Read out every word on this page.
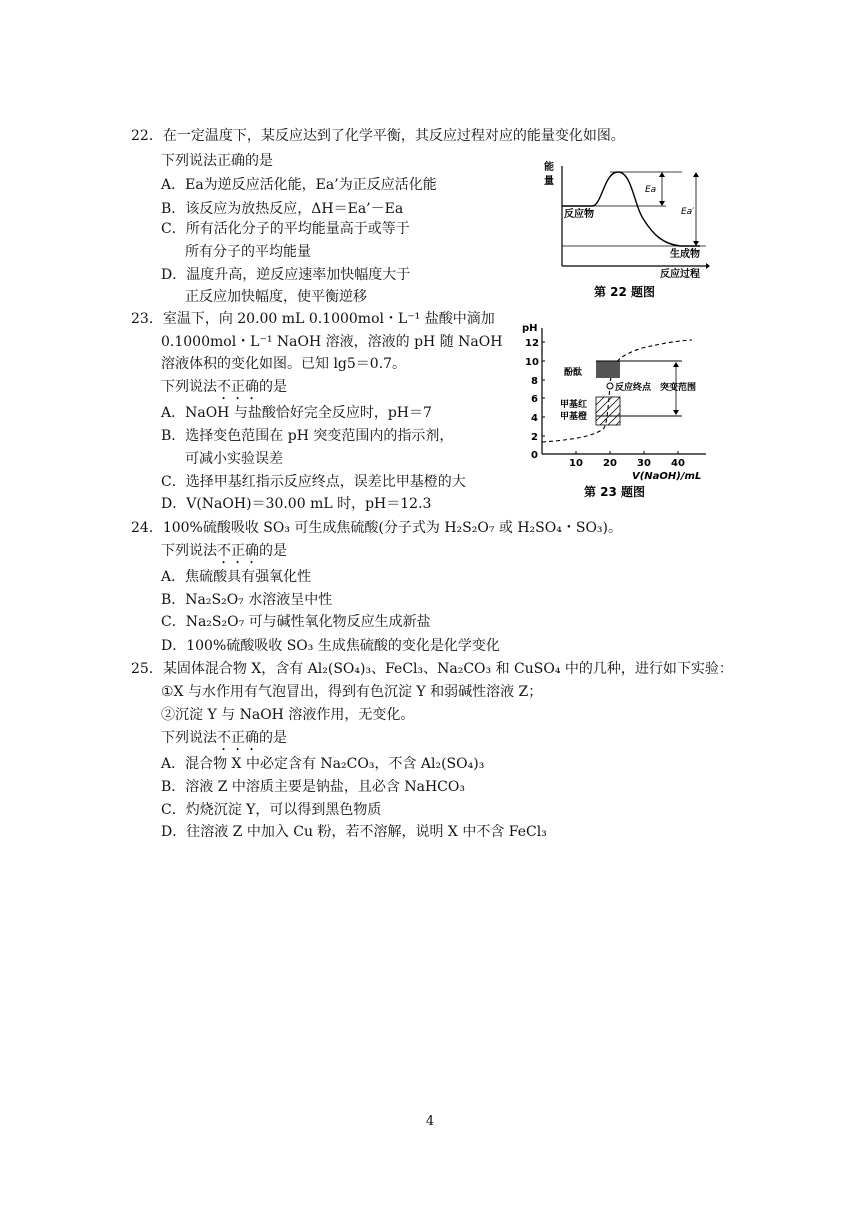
22．在一定温度下，某反应达到了化学平衡，其反应过程对应的能量变化如图。
下列说法正确的是
A．Ea为逆反应活化能，Ea’为正反应活化能
B．该反应为放热反应，ΔH＝Ea’－Ea
C．所有活化分子的平均能量高于或等于
所有分子的平均能量
D．温度升高，逆反应速率加快幅度大于
正反应加快幅度，使平衡逆移
能
量
反应物
生成物
反应过程
Ea
Ea′
第 22 题图
23．室温下，向 20.00 mL 0.1000mol・L⁻¹ 盐酸中滴加
0.1000mol・L⁻¹ NaOH 溶液，溶液的 pH 随 NaOH
溶液体积的变化如图。已知 lg5＝0.7。
下列说法不正确的是
A．NaOH 与盐酸恰好完全反应时，pH＝7
B．选择变色范围在 pH 突变范围内的指示剂，
可减小实验误差
C．选择甲基红指示反应终点，误差比甲基橙的大
D．V(NaOH)＝30.00 mL 时，pH＝12.3
pH
0
2
4
6
8
10
12
10 20 30 40
V(NaOH)/mL
酚酞
甲基红
甲基橙
反应终点 突变范围
第 23 题图
24．100%硫酸吸收 SO₃ 可生成焦硫酸(分子式为 H₂S₂O₇ 或 H₂SO₄・SO₃)。
下列说法不正确的是
A．焦硫酸具有强氧化性
B．Na₂S₂O₇ 水溶液呈中性
C．Na₂S₂O₇ 可与碱性氧化物反应生成新盐
D．100%硫酸吸收 SO₃ 生成焦硫酸的变化是化学变化
25．某固体混合物 X，含有 Al₂(SO₄)₃、FeCl₃、Na₂CO₃ 和 CuSO₄ 中的几种，进行如下实验：
①X 与水作用有气泡冒出，得到有色沉淀 Y 和弱碱性溶液 Z；
②沉淀 Y 与 NaOH 溶液作用，无变化。
下列说法不正确的是
A．混合物 X 中必定含有 Na₂CO₃，不含 Al₂(SO₄)₃
B．溶液 Z 中溶质主要是钠盐，且必含 NaHCO₃
C．灼烧沉淀 Y，可以得到黑色物质
D．往溶液 Z 中加入 Cu 粉，若不溶解，说明 X 中不含 FeCl₃
4
